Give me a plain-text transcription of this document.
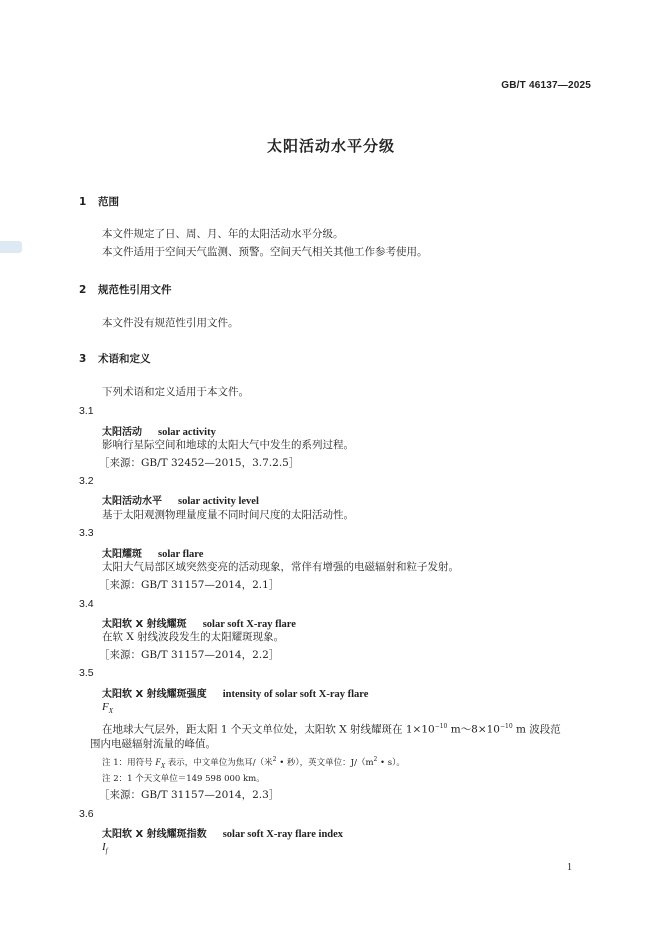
GB/T 46137—2025
太阳活动水平分级
1 范围
本文件规定了日、周、月、年的太阳活动水平分级。
本文件适用于空间天气监测、预警。空间天气相关其他工作参考使用。
2 规范性引用文件
本文件没有规范性引用文件。
3 术语和定义
下列术语和定义适用于本文件。
3.1
太阳活动 solar activity
影响行星际空间和地球的太阳大气中发生的系列过程。
［来源：GB/T 32452—2015，3.7.2.5］
3.2
太阳活动水平 solar activity level
基于太阳观测物理量度量不同时间尺度的太阳活动性。
3.3
太阳耀斑 solar flare
太阳大气局部区域突然变亮的活动现象，常伴有增强的电磁辐射和粒子发射。
［来源：GB/T 31157—2014，2.1］
3.4
太阳软 X 射线耀斑 solar soft X-ray flare
在软 X 射线波段发生的太阳耀斑现象。
［来源：GB/T 31157—2014，2.2］
3.5
太阳软 X 射线耀斑强度 intensity of solar soft X-ray flare
$F_X$
在地球大气层外，距太阳 1 个天文单位处，太阳软 X 射线耀斑在 $1\times 10^{-10}$ $m\sim 8\times 10^{-10}$ m 波段范
围内电磁辐射流量的峰值。
注 1：用符号 $F_X$ 表示，中文单位为焦耳/（米$^2$ • 秒），英文单位：$J/(m^2$ • s）。
注 2：1 个天文单位＝149 598 000 km。
［来源：GB/T 31157—2014，2.3］
3.6
太阳软 X 射线耀斑指数 solar soft X-ray flare index
$I_f$
1
